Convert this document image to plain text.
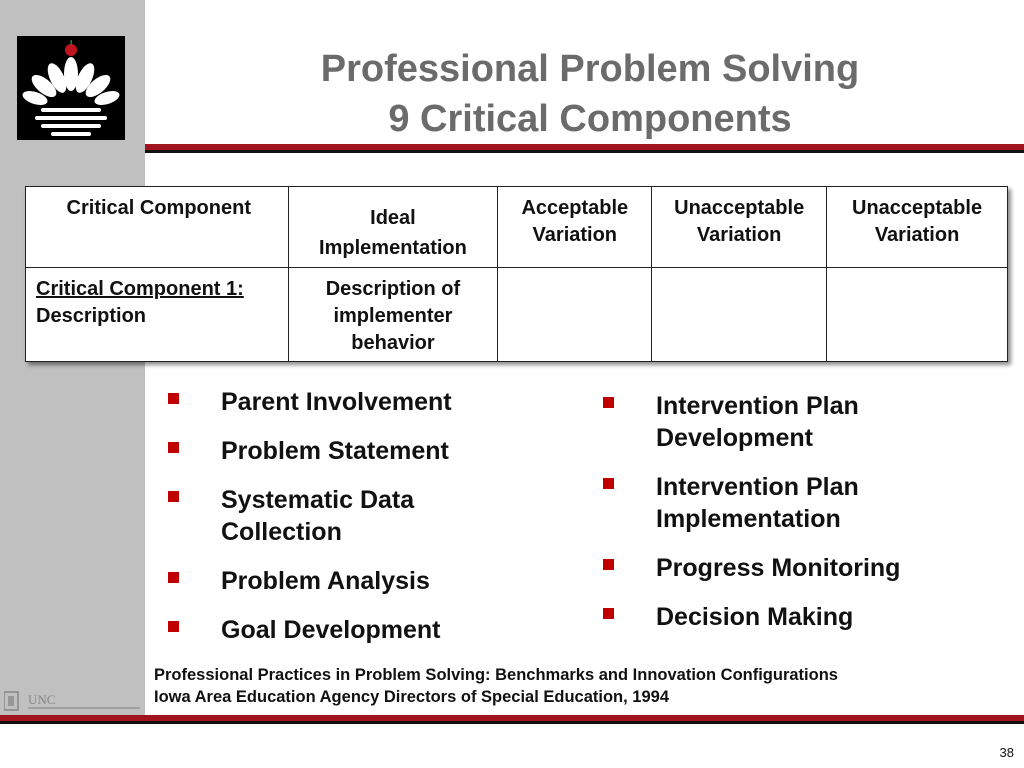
Professional Problem Solving
9 Critical Components
Critical Component	Ideal Implementation	Acceptable Variation	Unacceptable Variation	Unacceptable Variation
Critical Component 1:
Description	Description of implementer behavior			
Parent Involvement
Problem Statement
Systematic Data Collection
Problem Analysis
Goal Development
Intervention Plan Development
Intervention Plan Implementation
Progress Monitoring
Decision Making
Professional Practices in Problem Solving: Benchmarks and Innovation Configurations
Iowa Area Education Agency Directors of Special Education, 1994
UNC
38
